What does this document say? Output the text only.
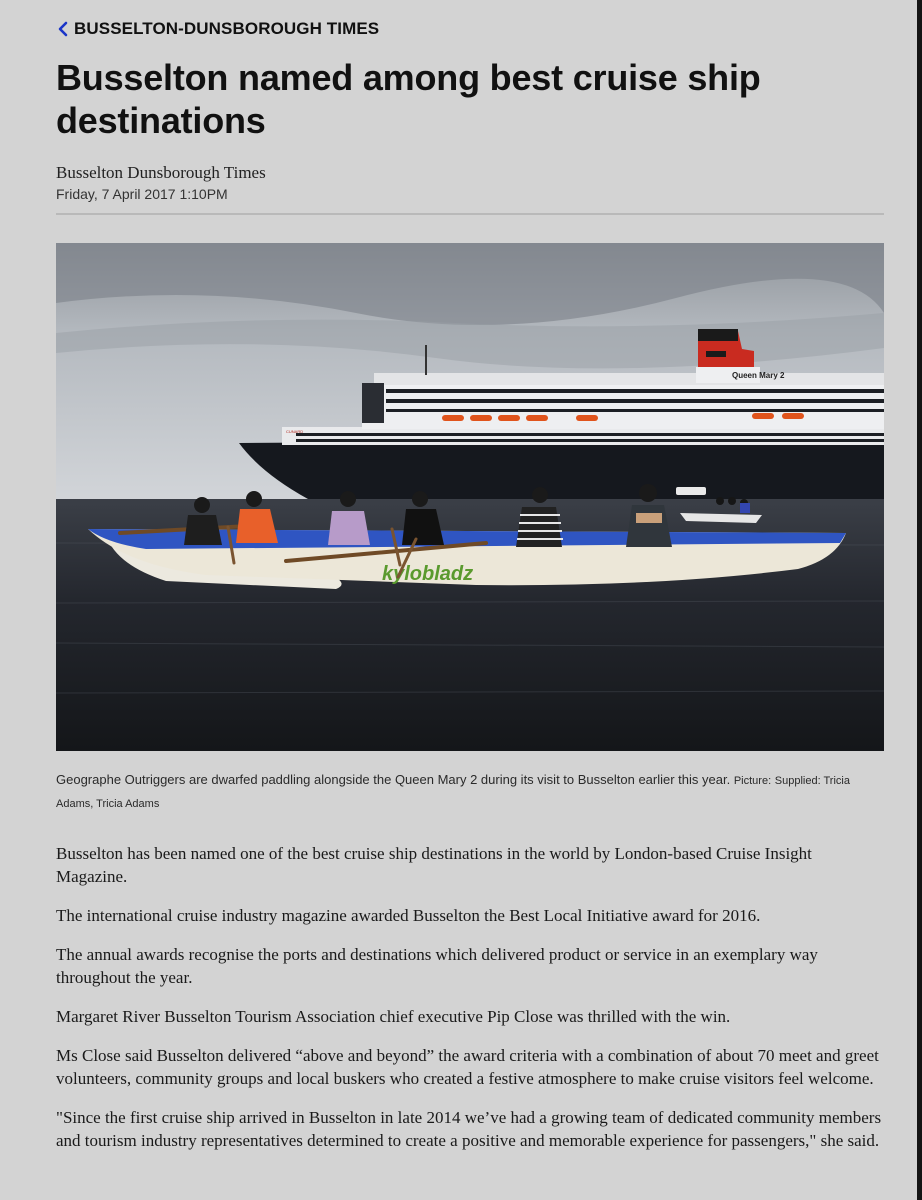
BUSSELTON-DUNSBOROUGH TIMES
Busselton named among best cruise ship destinations
Busselton Dunsborough Times
Friday, 7 April 2017 1:10PM
Queen Mary 2
CUNARD
kylobladz
Geographe Outriggers are dwarfed paddling alongside the Queen Mary 2 during its visit to Busselton earlier this year. Picture: Supplied: Tricia Adams, Tricia Adams

Busselton has been named one of the best cruise ship destinations in the world by London-based Cruise Insight Magazine.

The international cruise industry magazine awarded Busselton the Best Local Initiative award for 2016.

The annual awards recognise the ports and destinations which delivered product or service in an exemplary way throughout the year.

Margaret River Busselton Tourism Association chief executive Pip Close was thrilled with the win.

Ms Close said Busselton delivered “above and beyond” the award criteria with a combination of about 70 meet and greet volunteers, community groups and local buskers who created a festive atmosphere to make cruise visitors feel welcome.

"Since the first cruise ship arrived in Busselton in late 2014 we’ve had a growing team of dedicated community members and tourism industry representatives determined to create a positive and memorable experience for passengers," she said.
